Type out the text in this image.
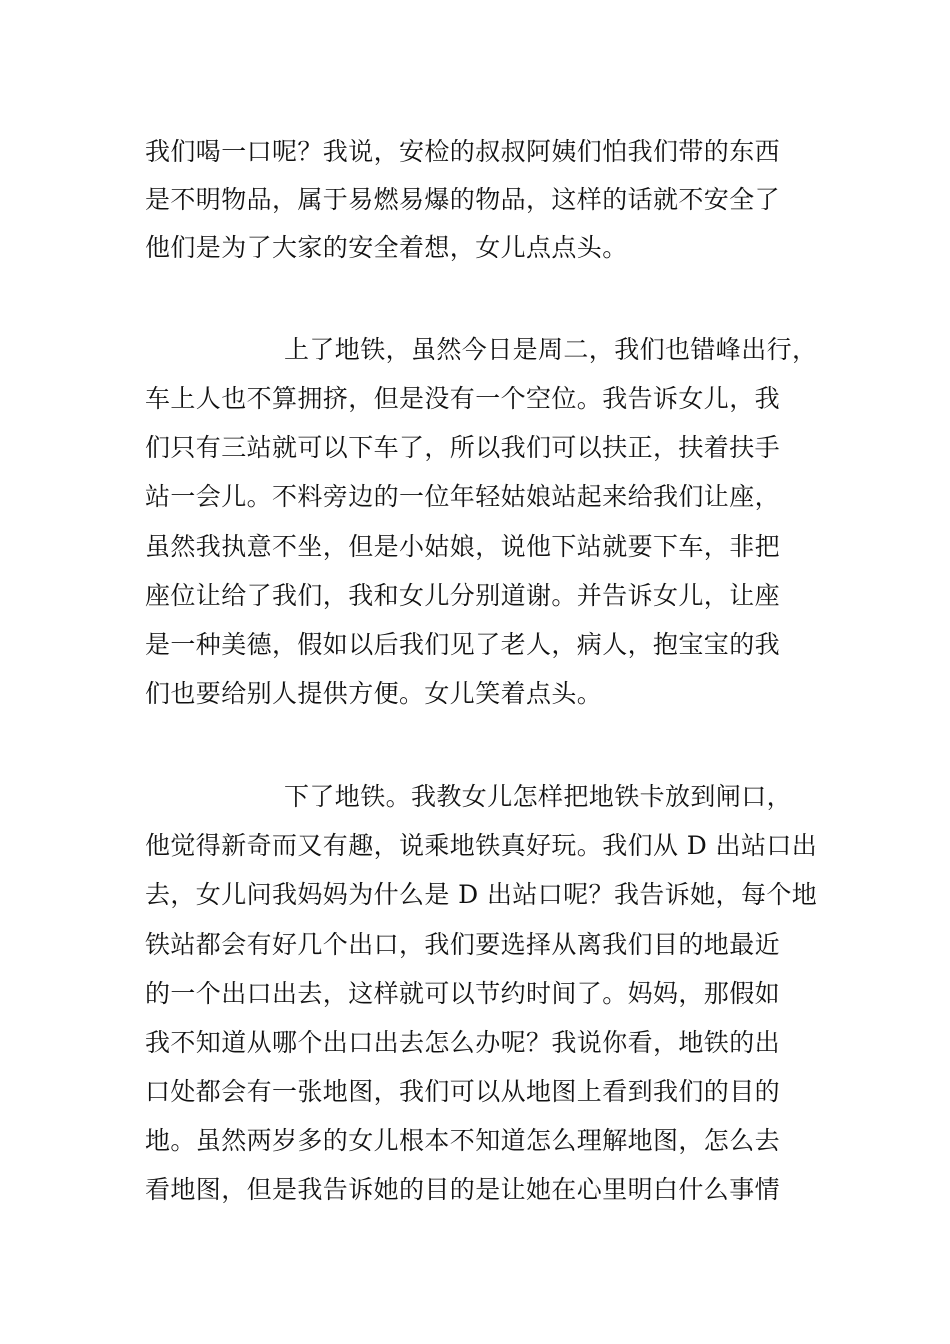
我们喝一口呢？我说，安检的叔叔阿姨们怕我们带的东西
是不明物品，属于易燃易爆的物品，这样的话就不安全了
他们是为了大家的安全着想，女儿点点头。
上了地铁，虽然今日是周二，我们也错峰出行，
车上人也不算拥挤，但是没有一个空位。我告诉女儿，我
们只有三站就可以下车了，所以我们可以扶正，扶着扶手
站一会儿。不料旁边的一位年轻姑娘站起来给我们让座，
虽然我执意不坐，但是小姑娘，说他下站就要下车，非把
座位让给了我们，我和女儿分别道谢。并告诉女儿，让座
是一种美德，假如以后我们见了老人，病人，抱宝宝的我
们也要给别人提供方便。女儿笑着点头。
下了地铁。我教女儿怎样把地铁卡放到闸口，
他觉得新奇而又有趣，说乘地铁真好玩。我们从 D 出站口出
去，女儿问我妈妈为什么是 D 出站口呢？我告诉她，每个地
铁站都会有好几个出口，我们要选择从离我们目的地最近
的一个出口出去，这样就可以节约时间了。妈妈，那假如
我不知道从哪个出口出去怎么办呢？我说你看，地铁的出
口处都会有一张地图，我们可以从地图上看到我们的目的
地。虽然两岁多的女儿根本不知道怎么理解地图，怎么去
看地图，但是我告诉她的目的是让她在心里明白什么事情
